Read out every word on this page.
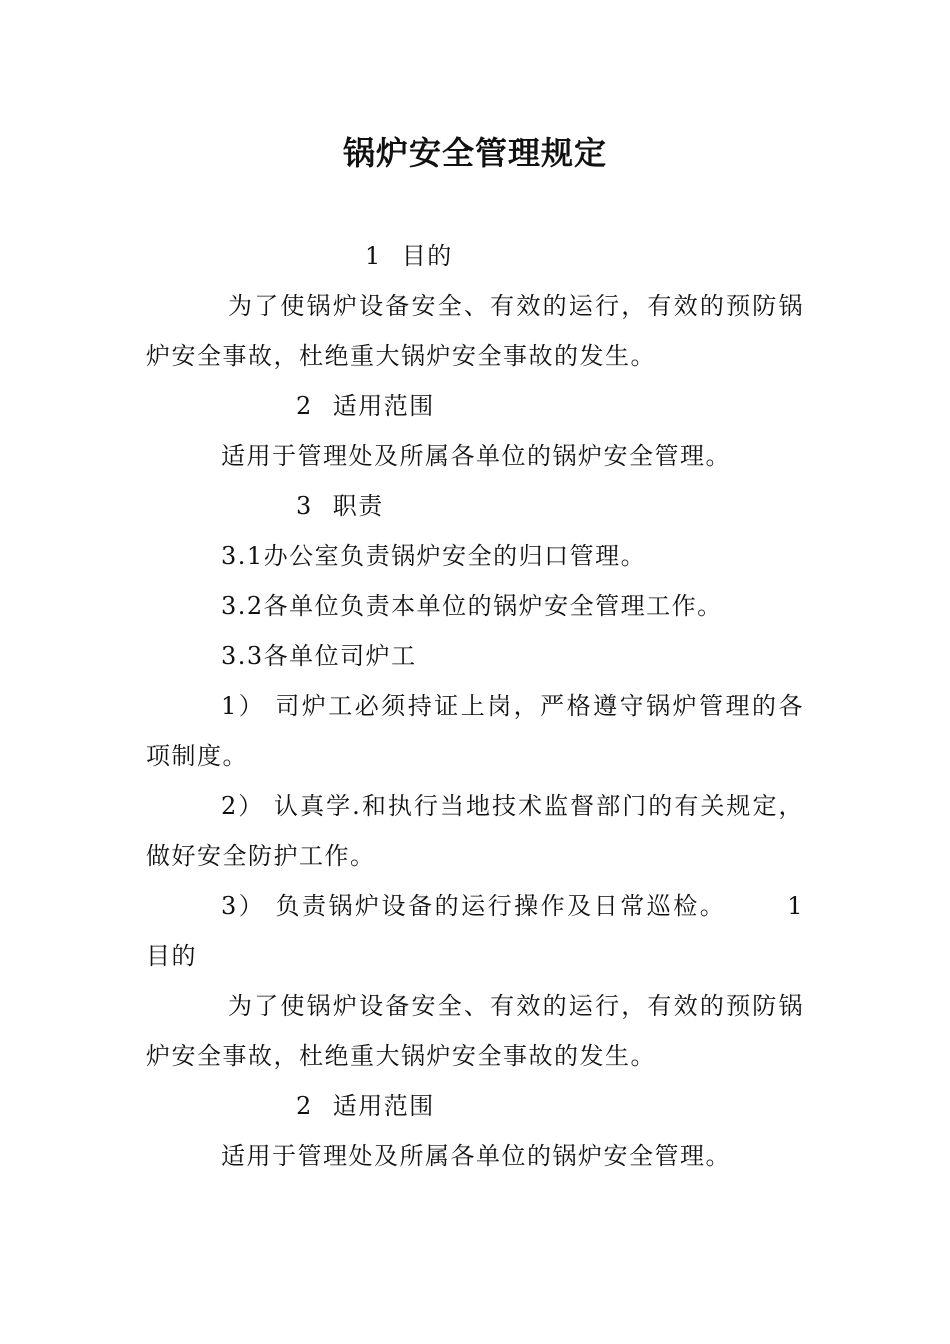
锅炉安全管理规定

1 目的

为了使锅炉设备安全、有效的运行，有效的预防锅炉安全事故，杜绝重大锅炉安全事故的发生。

2 适用范围

适用于管理处及所属各单位的锅炉安全管理。

3 职责

3.1办公室负责锅炉安全的归口管理。

3.2各单位负责本单位的锅炉安全管理工作。

3.3各单位司炉工

1） 司炉工必须持证上岗，严格遵守锅炉管理的各项制度。

2） 认真学.和执行当地技术监督部门的有关规定，做好安全防护工作。

3） 负责锅炉设备的运行操作及日常巡检。      1   目的

为了使锅炉设备安全、有效的运行，有效的预防锅炉安全事故，杜绝重大锅炉安全事故的发生。

2 适用范围

适用于管理处及所属各单位的锅炉安全管理。
